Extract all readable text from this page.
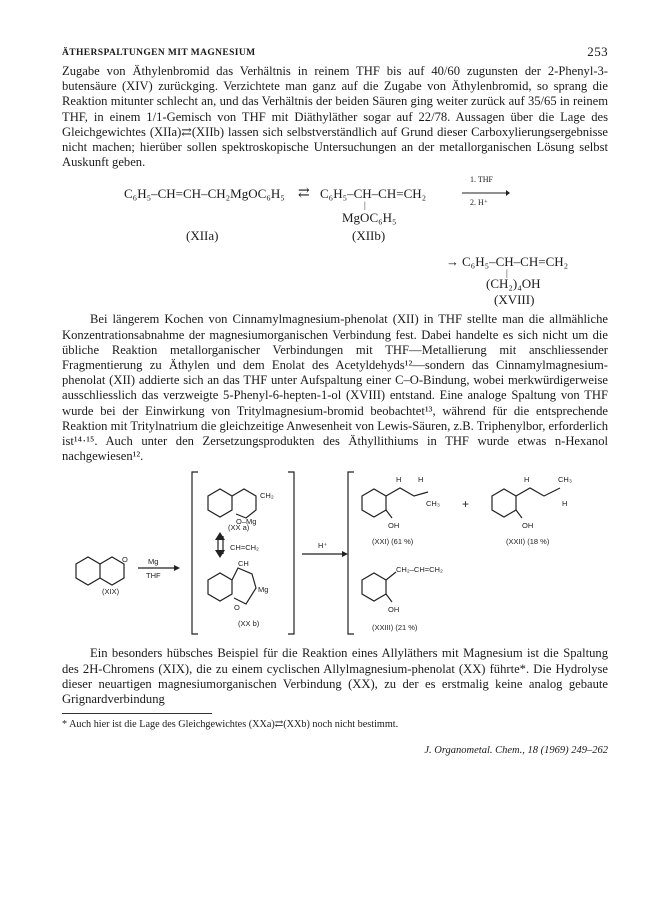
ÄTHERSPALTUNGEN MIT MAGNESIUM	253

Zugabe von Äthylenbromid das Verhältnis in reinem THF bis auf 40/60 zugunsten der 2-Phenyl-3-butensäure (XIV) zurückging. Verzichtete man ganz auf die Zugabe von Äthylenbromid, so sprang die Reaktion mitunter schlecht an, und das Verhältnis der beiden Säuren ging weiter zurück auf 35/65 in reinem THF, in einem 1/1-Gemisch von THF mit Diäthyläther sogar auf 22/78. Aussagen über die Lage des Gleichgewichtes (XIIa)⇄(XIIb) lassen sich selbstverständlich auf Grund dieser Carboxylierungsergebnisse nicht machen; hierüber sollen spektroskopische Untersuchungen an der metallorganischen Lösung selbst Auskunft geben.

C₆H₅–CH=CH–CH₂MgOC₆H₅ ⇄ C₆H₅–CH–CH=CH₂
|
MgOC₆H₅
1. THF
2. H⁺
(XIIa)	(XIIb)
→ C₆H₅–CH–CH=CH₂
|
(CH₂)₄OH
(XVIII)

Bei längerem Kochen von Cinnamylmagnesium-phenolat (XII) in THF stellte man die allmähliche Konzentrationsabnahme der magnesiumorganischen Verbindung fest. Dabei handelte es sich nicht um die übliche Reaktion metallorganischer Verbindungen mit THF—Metallierung mit anschliessender Fragmentierung zu Äthylen und dem Enolat des Acetyldehyds¹²—sondern das Cinnamylmagnesium-phenolat (XII) addierte sich an das THF unter Aufspaltung einer C–O-Bindung, wobei merkwürdigerweise ausschliesslich das verzweigte 5-Phenyl-6-hepten-1-ol (XVIII) entstand. Eine analoge Spaltung von THF wurde bei der Einwirkung von Tritylmagnesium-bromid beobachtet¹³, während für die entsprechende Reaktion mit Tritylnatrium die gleichzeitige Anwesenheit von Lewis-Säuren, z.B. Triphenylbor, erforderlich ist¹⁴·¹⁵. Auch unter den Zersetzungsprodukten des Äthyllithiums in THF wurde etwas n-Hexanol nachgewiesen¹².

(XIX)
Mg
THF
O
CH₂
O–Mg
(XX a)
CH=CH₂
CH
Mg
O
(XX b)
H⁺
H H
CH₃
OH
(XXI) (61 %)
+
H	CH₃
H
OH
(XXII) (18 %)
CH₂–CH=CH₂
OH
(XXIII) (21 %)

Ein besonders hübsches Beispiel für die Reaktion eines Allyläthers mit Magnesium ist die Spaltung des 2H-Chromens (XIX), die zu einem cyclischen Allylmagnesium-phenolat (XX) führte*. Die Hydrolyse dieser neuartigen magnesiumorganischen Verbindung (XX), zu der es erstmalig keine analog gebaute Grignardverbindung

* Auch hier ist die Lage des Gleichgewichtes (XXa)⇄(XXb) noch nicht bestimmt.

J. Organometal. Chem., 18 (1969) 249–262
